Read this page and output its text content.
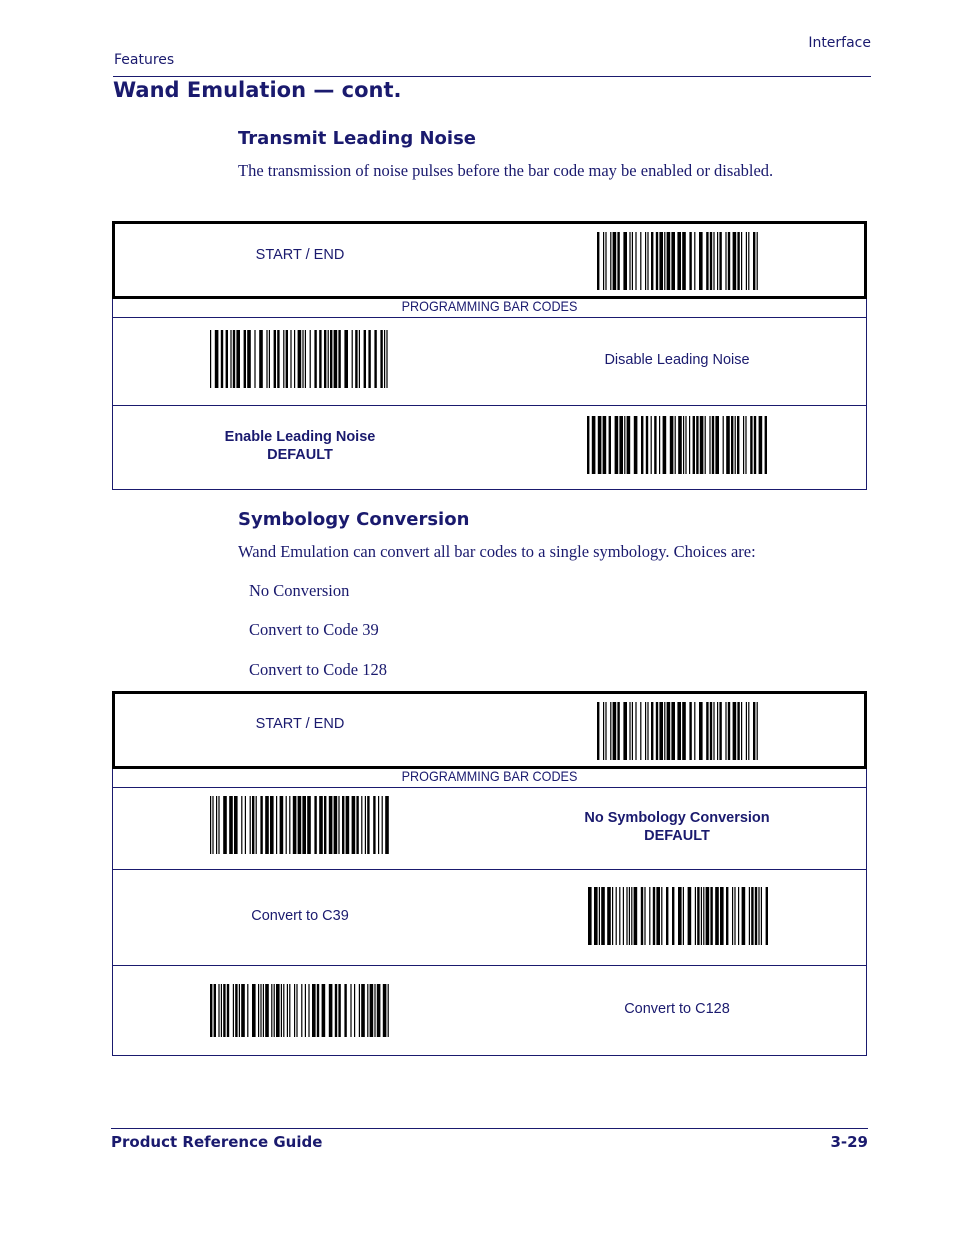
Interface
Features
Wand Emulation — cont.
Transmit Leading Noise
The transmission of noise pulses before the bar code may be enabled or disabled.
START / END
PROGRAMMING BAR CODES
Disable Leading Noise
Enable Leading Noise
DEFAULT
Symbology Conversion
Wand Emulation can convert all bar codes to a single symbology. Choices are:
No Conversion
Convert to Code 39
Convert to Code 128
START / END
PROGRAMMING BAR CODES
No Symbology Conversion
DEFAULT
Convert to C39
Convert to C128
Product Reference Guide	3-29
